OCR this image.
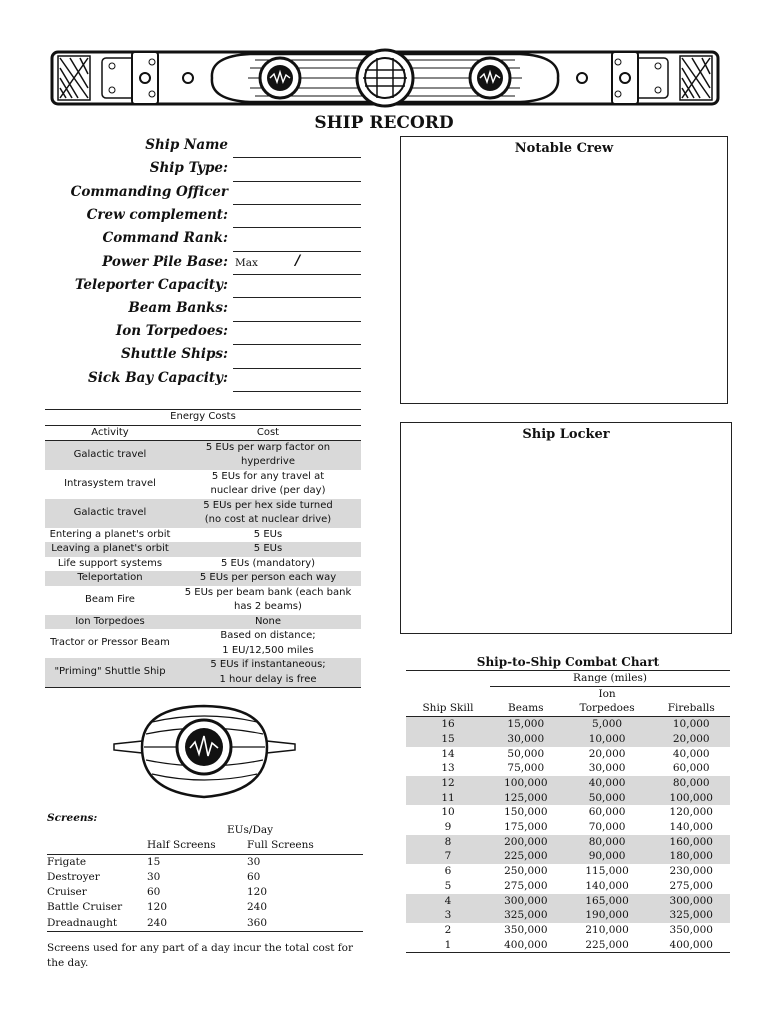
SHIP RECORD
Ship Name
Ship Type:
Commanding Officer
Crew complement:
Command Rank:
Power Pile Base: Max	/
Teleporter Capacity:
Beam Banks:
Ion Torpedoes:
Shuttle Ships:
Sick Bay Capacity:
Notable Crew
Ship Locker
Energy Costs	
Activity	Cost
Galactic travel	5 EUs per warp factor on
hyperdrive

Intrasystem travel	5 EUs for any travel at
nuclear drive (per day)

Galactic travel	5 EUs per hex side turned
(no cost at nuclear drive)

Entering a planet's orbit	5 EUs
Leaving a planet's orbit	5 EUs
Life support systems	5 EUs (mandatory)
Teleportation	5 EUs per person each way
Beam Fire	5 EUs per beam bank (each bank
has 2 beams)

Ion Torpedoes	None
Tractor or Pressor Beam	Based on distance;
1 EU/12,500 miles

"Priming" Shuttle Ship	5 EUs if instantaneous;
1 hour delay is free
Screens:
	EUs/Day	
	Half Screens	Full Screens
Frigate	15	30
Destroyer	30	60
Cruiser	60	120
Battle Cruiser	120	240
Dreadnaught	240	360
Screens used for any part of a day incur the total cost for the day.
Ship-to-Ship Combat Chart			
	Range (miles)		
		Ion	
Ship Skill	Beams	Torpedoes	Fireballs
16	15,000	5,000	10,000
15	30,000	10,000	20,000
14	50,000	20,000	40,000
13	75,000	30,000	60,000
12	100,000	40,000	80,000
11	125,000	50,000	100,000
10	150,000	60,000	120,000
9	175,000	70,000	140,000
8	200,000	80,000	160,000
7	225,000	90,000	180,000
6	250,000	115,000	230,000
5	275,000	140,000	275,000
4	300,000	165,000	300,000
3	325,000	190,000	325,000
2	350,000	210,000	350,000
1	400,000	225,000	400,000
